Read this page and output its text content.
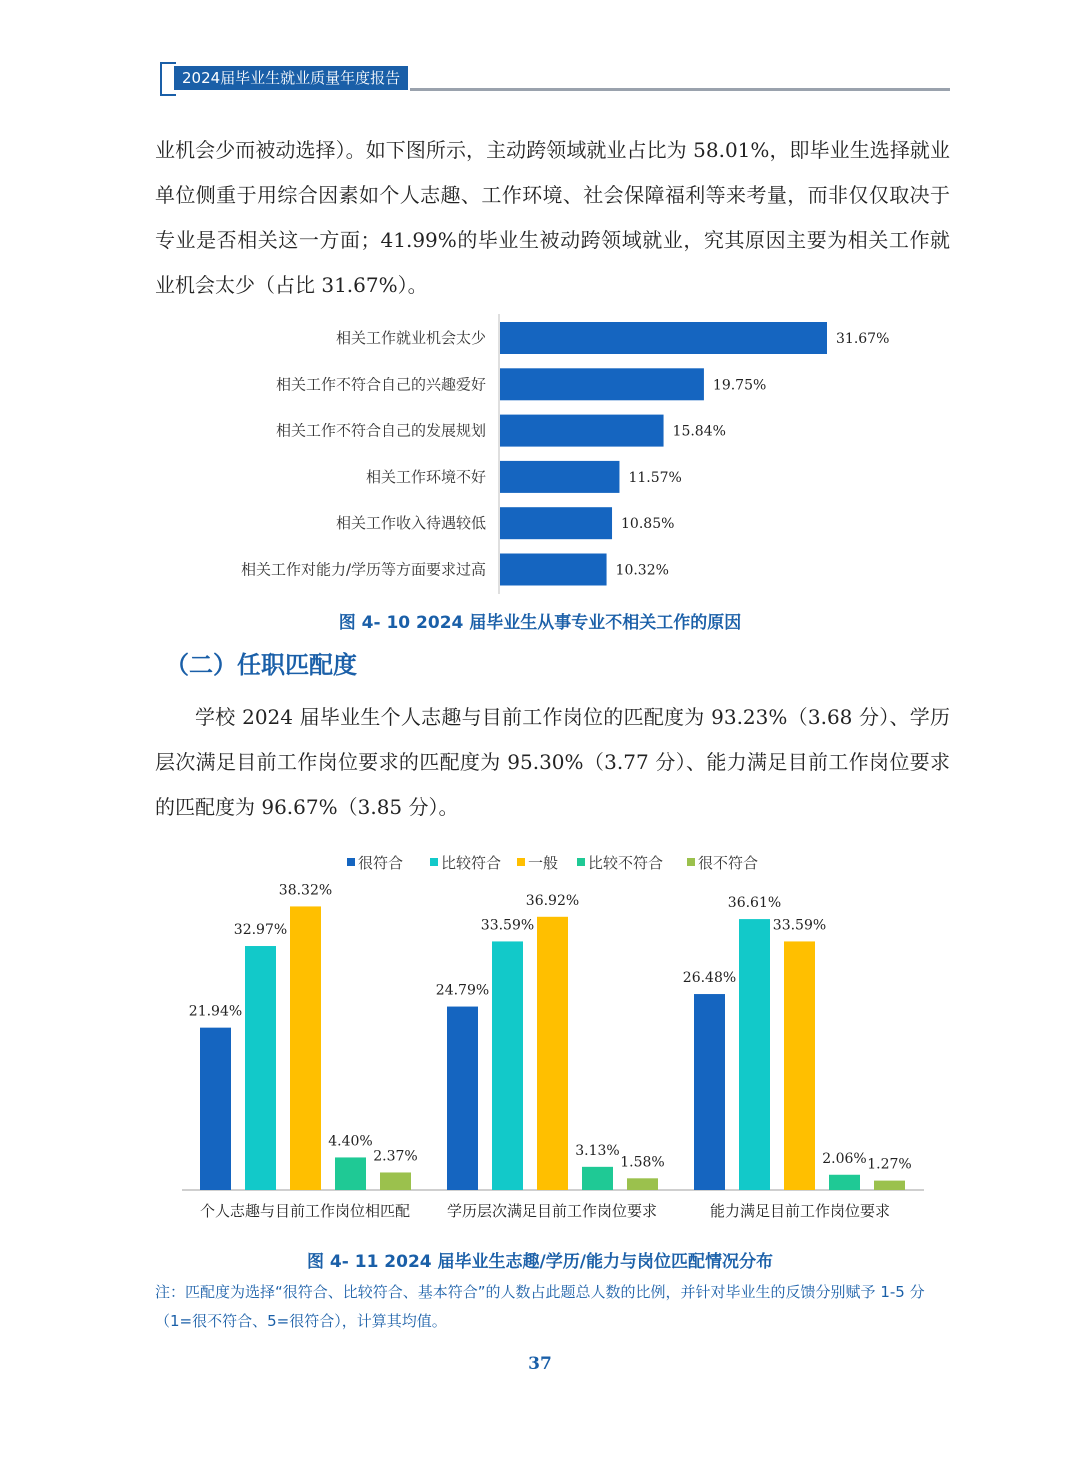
2024届毕业生就业质量年度报告
业机会少而被动选择）。如下图所示，主动跨领域就业占比为 58.01%，即毕业生选择就业单位侧重于用综合因素如个人志趣、工作环境、社会保障福利等来考量，而非仅仅取决于专业是否相关这一方面；41.99%的毕业生被动跨领域就业，究其原因主要为相关工作就业机会太少（占比 31.67%）。
相关工作就业机会太少	31.67%
相关工作不符合自己的兴趣爱好	19.75%
相关工作不符合自己的发展规划	15.84%
相关工作环境不好	11.57%
相关工作收入待遇较低	10.85%
相关工作对能力/学历等方面要求过高	10.32%
图 4- 10 2024 届毕业生从事专业不相关工作的原因
（二）任职匹配度
学校 2024 届毕业生个人志趣与目前工作岗位的匹配度为 93.23%（3.68 分）、学历层次满足目前工作岗位要求的匹配度为 95.30%（3.77 分）、能力满足目前工作岗位要求的匹配度为 96.67%（3.85 分）。
很符合	比较符合 一般 比较不符合 很不符合
21.94%
32.97%
38.32%
4.40%
2.37%
个人志趣与目前工作岗位相匹配
24.79%
33.59%
36.92%
3.13%
1.58%
学历层次满足目前工作岗位要求
26.48%
36.61%
33.59%
2.06% 1.27%
能力满足目前工作岗位要求
图 4- 11 2024 届毕业生志趣/学历/能力与岗位匹配情况分布
注：匹配度为选择“很符合、比较符合、基本符合”的人数占此题总人数的比例，并针对毕业生的反馈分别赋予 1-5 分（1=很不符合、5=很符合），计算其均值。
37
